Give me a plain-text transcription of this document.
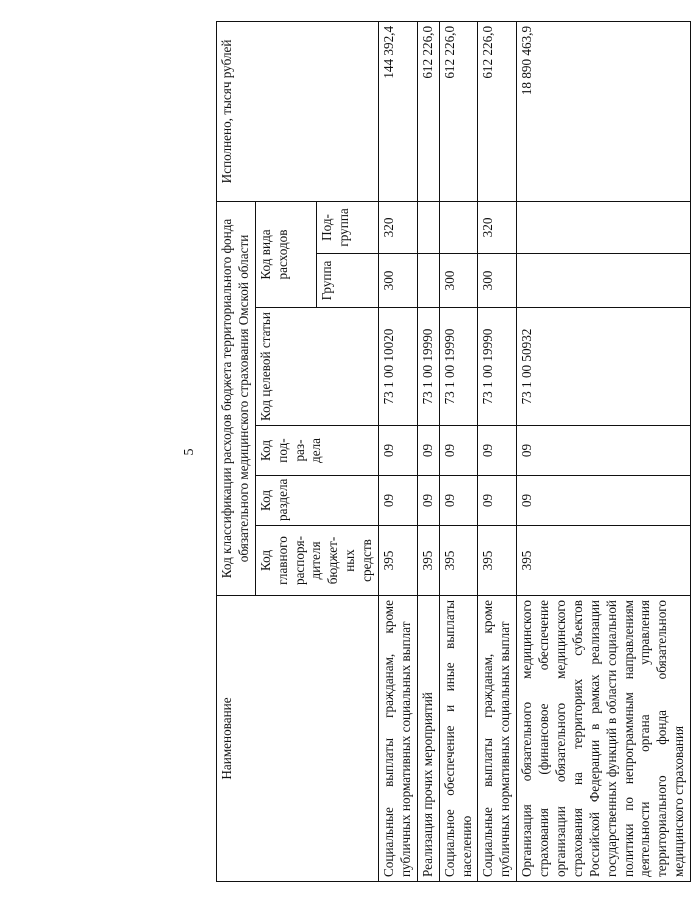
5
Наименование	Код классификации расходов бюджета территориального фонда обязательного медицинского страхования Омской области						Исполнено, тысяч рублей
	Код главного распоря-дителя бюджет-ных средств	Код раздела	Код под-раз-дела	Код целевой статьи	Код вида расходов		
					Группа	Под-группа	
Социальные выплаты гражданам, кроме публичных нормативных социальных выплат	395	09	09	73 1 00 10020	300	320	144 392,4
Реализация прочих мероприятий	395	09	09	73 1 00 19990			612 226,0
Социальное обеспечение и иные выплаты населению	395	09	09	73 1 00 19990	300		612 226,0
Социальные выплаты гражданам, кроме публичных нормативных социальных выплат	395	09	09	73 1 00 19990	300	320	612 226,0
Организация обязательного медицинского страхования (финансовое обеспечение организации обязательного медицинского страхования на территориях субъектов Российской Федерации в рамках реализации государственных функций в области социальной политики по непрограммным направлениям деятельности органа управления территориального фонда обязательного медицинского страхования	395	09	09	73 1 00 50932			18 890 463,9
